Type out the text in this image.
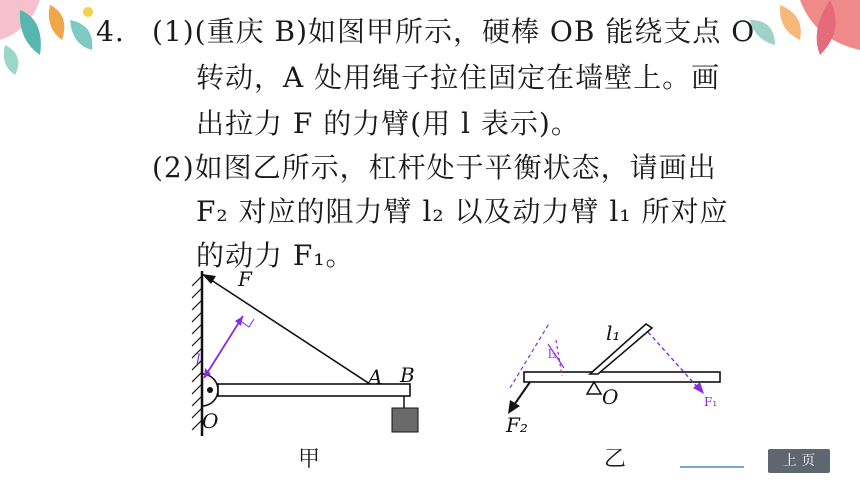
4. (1)(重庆 B)如图甲所示，硬棒 OB 能绕支点 O
转动，A 处用绳子拉住固定在墙壁上。画
出拉力 F 的力臂(用 l 表示)。
(2)如图乙所示，杠杆处于平衡状态，请画出
F₂ 对应的阻力臂 l₂ 以及动力臂 l₁ 所对应
的动力 F₁。
F
l
A B
O
甲
l₁
l₂
O	F₁
F₂
乙	上 页
